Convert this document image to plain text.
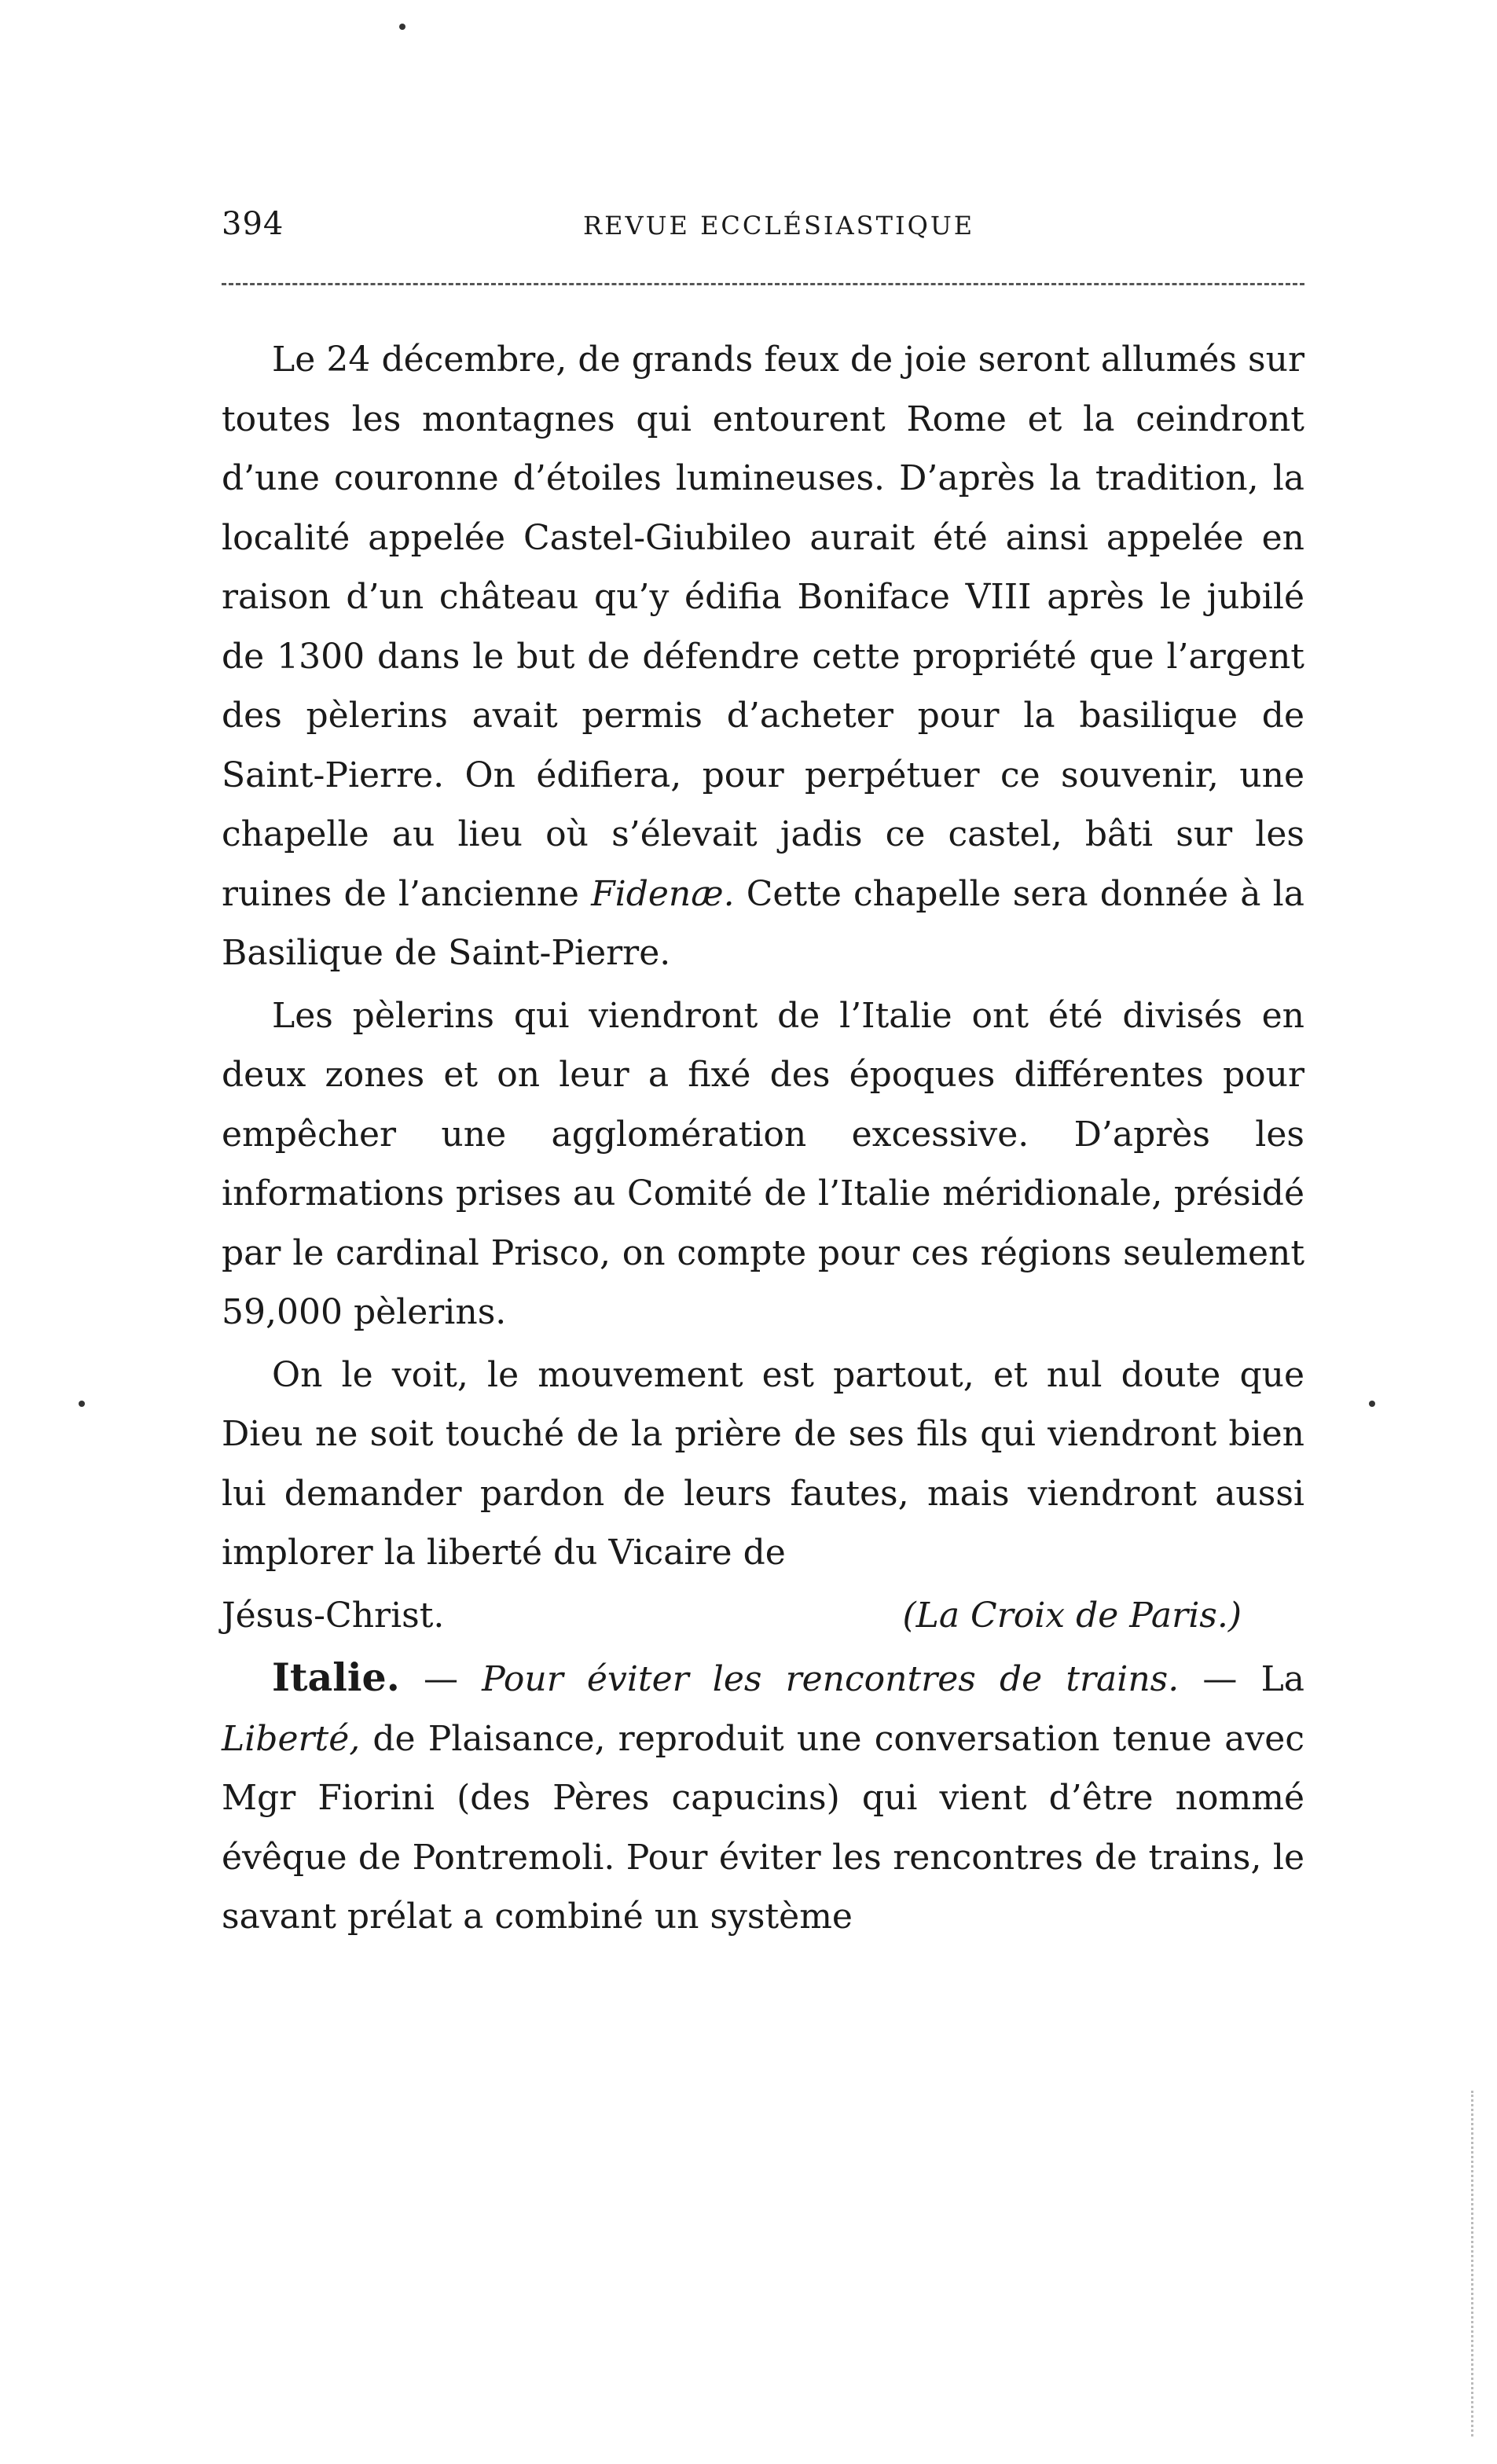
394	REVUE ECCLÉSIASTIQUE

Le 24 décembre, de grands feux de joie seront allumés sur toutes les montagnes qui entourent Rome et la ceindront d’une couronne d’étoiles lumineuses. D’après la tradition, la localité appelée Castel-Giubileo aurait été ainsi appelée en raison d’un château qu’y édifia Boniface VIII après le jubilé de 1300 dans le but de défendre cette propriété que l’argent des pèlerins avait permis d’acheter pour la basilique de Saint-Pierre. On édifiera, pour perpétuer ce souvenir, une chapelle au lieu où s’élevait jadis ce castel, bâti sur les ruines de l’ancienne Fidenæ. Cette chapelle sera donnée à la Basilique de Saint-Pierre.

Les pèlerins qui viendront de l’Italie ont été divisés en deux zones et on leur a fixé des époques différentes pour empêcher une agglomération excessive. D’après les informations prises au Comité de l’Italie méridionale, présidé par le cardinal Prisco, on compte pour ces régions seulement 59,000 pèlerins.

On le voit, le mouvement est partout, et nul doute que Dieu ne soit touché de la prière de ses fils qui viendront bien lui demander pardon de leurs fautes, mais viendront aussi implorer la liberté du Vicaire de

Jésus-Christ.	(La Croix de Paris.)

Italie. — Pour éviter les rencontres de trains. — La Liberté, de Plaisance, reproduit une conversation tenue avec Mgr Fiorini (des Pères capucins) qui vient d’être nommé évêque de Pontremoli. Pour éviter les rencontres de trains, le savant prélat a combiné un système
